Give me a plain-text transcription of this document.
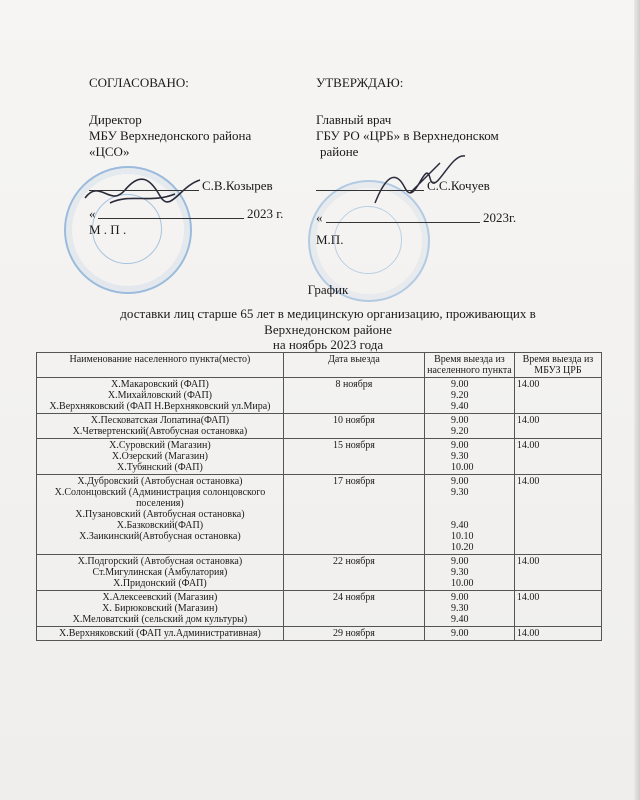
СОГЛАСОВАНО:
Директор
МБУ Верхнедонского района
«ЦСО»
С.В.Козырев
«	2023 г.
М . П .
УТВЕРЖДАЮ:
Главный врач
ГБУ РО «ЦРБ» в Верхнедонском
районе
С.С.Кочуев
«	2023г.
М.П.
График
доставки лиц старше 65 лет в медицинскую организацию, проживающих в
Верхнедонском районе
на ноябрь 2023 года
Наименование населенного пункта(место)	Дата выезда	Время выезда из населенного пункта	Время выезда из МБУЗ ЦРБ

Х.Макаровский (ФАП)
Х.Михайловский (ФАП)
Х.Верхняковский (ФАП Н.Верхняковский ул.Мира)	8 ноября	9.00
9.20
9.40	14.00

Х.Песковатская Лопатина(ФАП)
Х.Четвертенский(Автобусная остановка)	10 ноября	9.00
9.20	14.00

Х.Суровский (Магазин)
Х.Озерский (Магазин)
Х.Тубянский (ФАП)	15 ноября	9.00
9.30
10.00	14.00

Х.Дубровский (Автобусная остановка)
Х.Солонцовский (Администрация солонцовского поселения)
Х.Пузановский (Автобусная остановка)
Х.Базковский(ФАП)
Х.Заикинский(Автобусная остановка)	17 ноября	9.00
9.30
9.40
10.10
10.20	14.00

Х.Подгорский (Автобусная остановка)
Ст.Мигулинская (Амбулатория)
Х.Придонский (ФАП)	22 ноября	9.00
9.30
10.00	14.00

Х.Алексеевский (Магазин)
Х. Бирюковский (Магазин)
Х.Меловатский (сельский дом культуры)	24 ноября	9.00
9.30
9.40	14.00

Х.Верхняковский (ФАП ул.Административная)	29 ноября	9.00	14.00
